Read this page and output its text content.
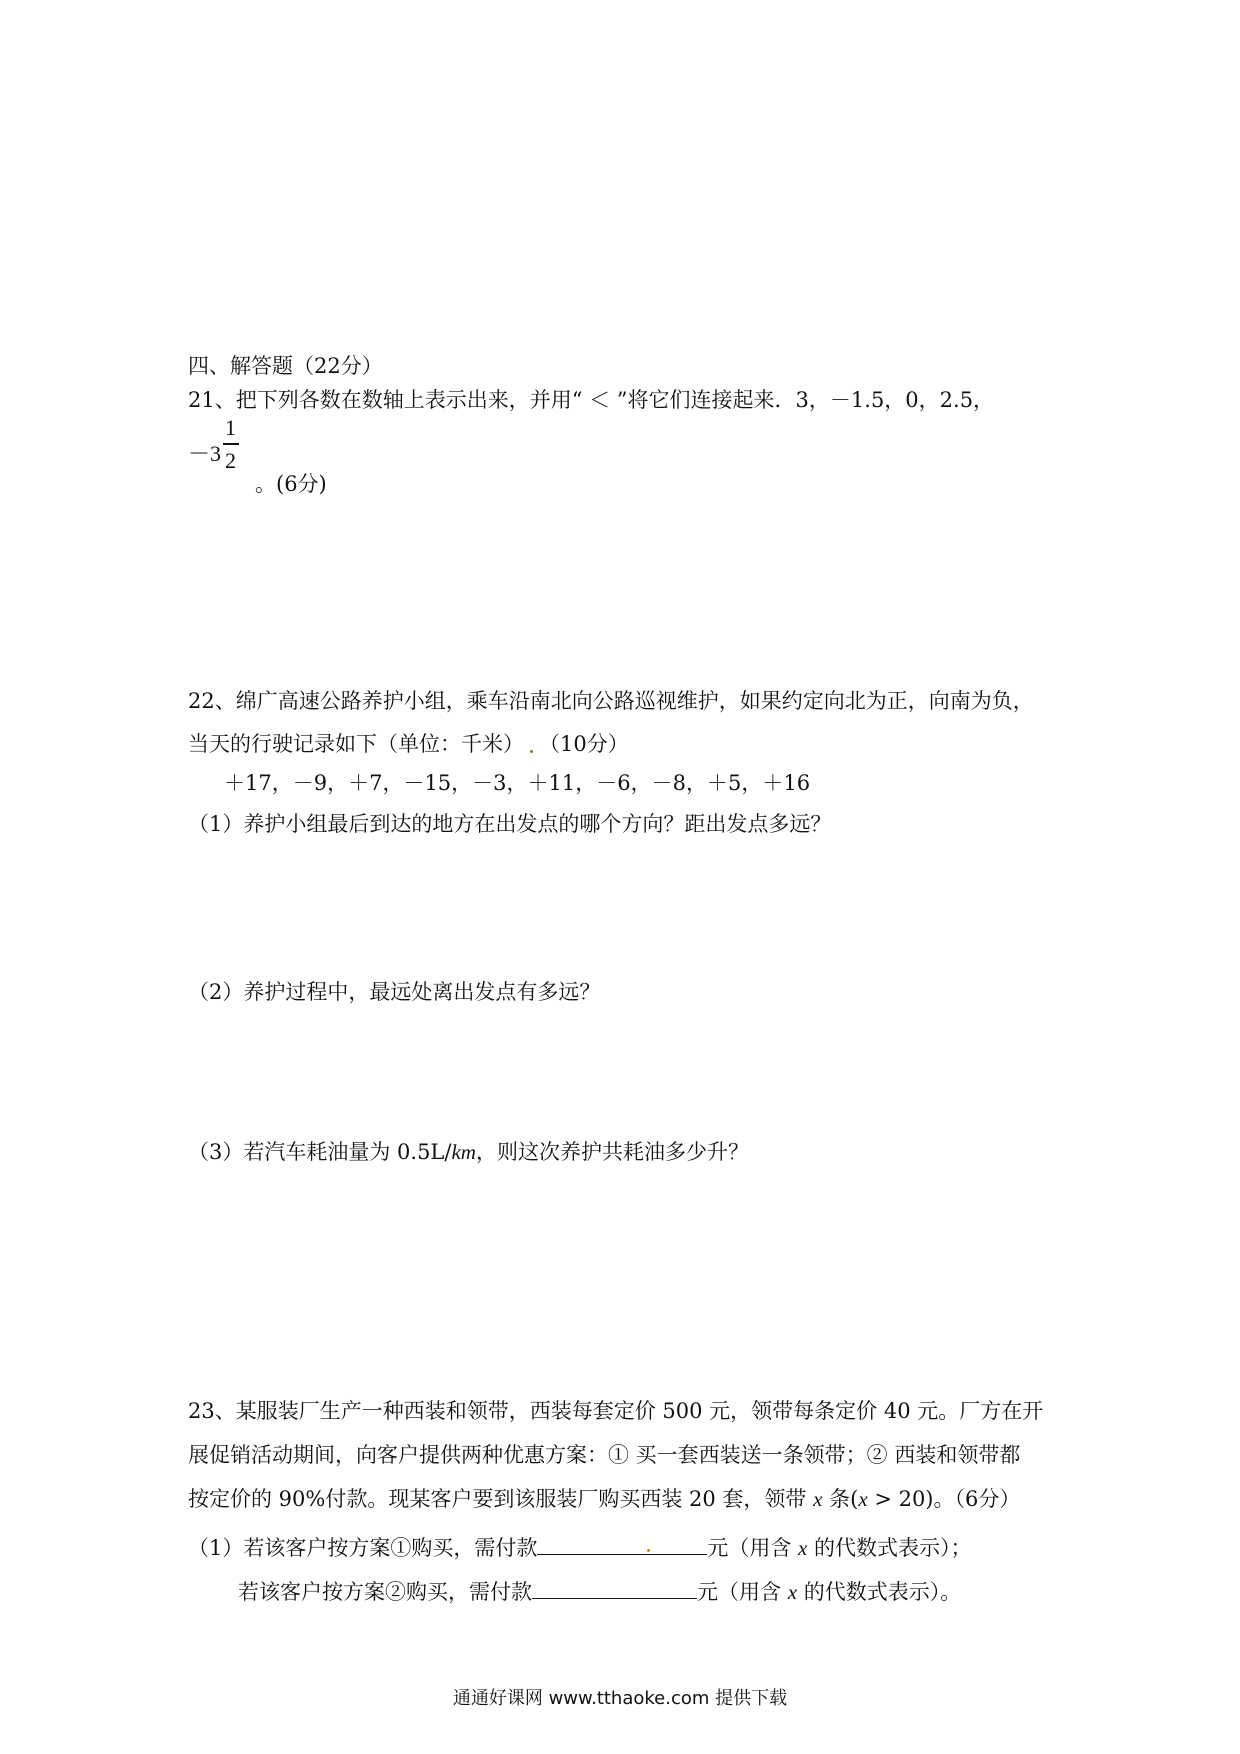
四、解答题（22分）
21、把下列各数在数轴上表示出来，并用“ ＜ ”将它们连接起来．3，－1.5，0，2.5，
－3
1
2
。(6分)
22、绵广高速公路养护小组，乘车沿南北向公路巡视维护，如果约定向北为正，向南为负，
当天的行驶记录如下（单位：千米） （10分）
＋17，－9，＋7，－15，－3，＋11，－6，－8，＋5，＋16
（1）养护小组最后到达的地方在出发点的哪个方向？距出发点多远？
（2）养护过程中，最远处离出发点有多远？
（3）若汽车耗油量为 0.5L/km，则这次养护共耗油多少升？
23、某服装厂生产一种西装和领带，西装每套定价 500 元，领带每条定价 40 元。厂方在开
展促销活动期间，向客户提供两种优惠方案：① 买一套西装送一条领带；② 西装和领带都
按定价的 90%付款。现某客户要到该服装厂购买西装 20 套，领带 x 条(x > 20)。（6分）
（1）若该客户按方案①购买，需付款	元（用含 x 的代数式表示）；
若该客户按方案②购买，需付款	元（用含 x 的代数式表示）。
通通好课网 www.tthaoke.com 提供下载
